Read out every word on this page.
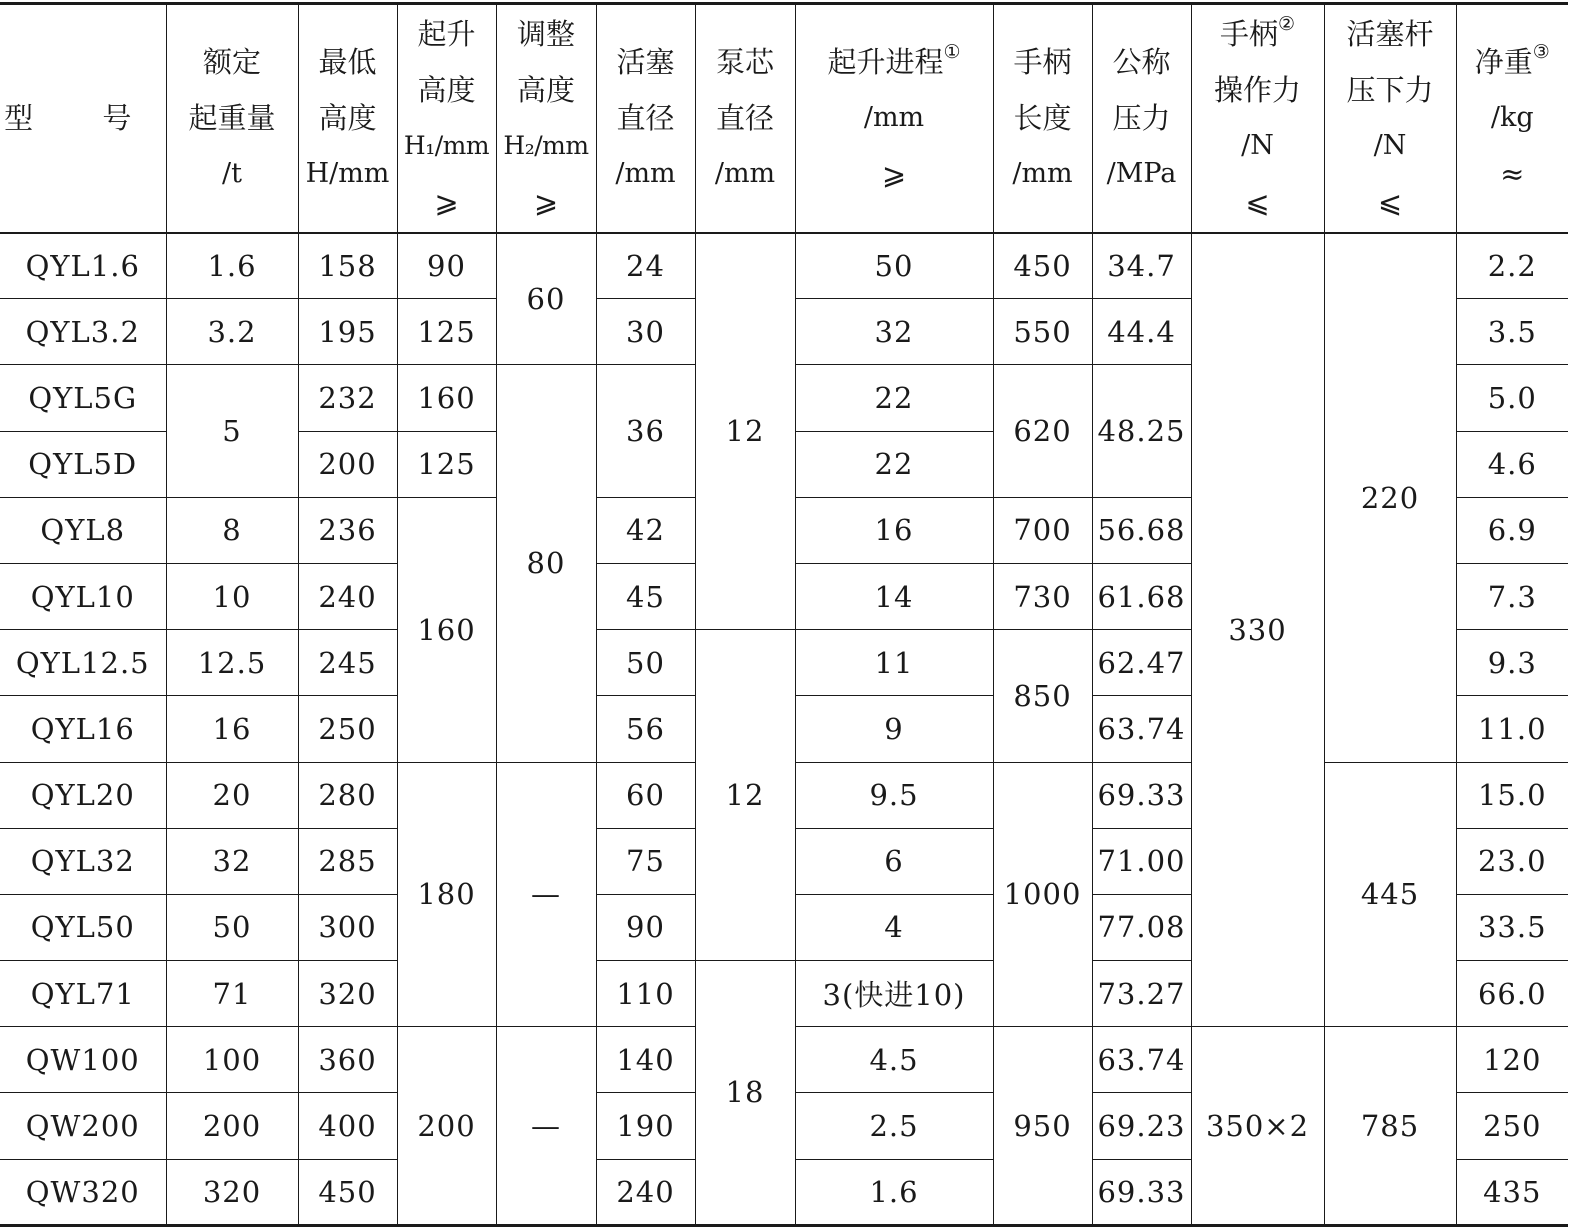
型 号	额定
起重量
/t	最低
高度
H/mm	起升
高度
H₁/mm
⩾	调整
高度
H₂/mm
⩾	活塞
直径
/mm	泵芯
直径
/mm	起升进程①
/mm
⩾	手柄
长度
/mm	公称
压力
/MPa	手柄②
操作力
/N
⩽	活塞杆
压下力
/N
⩽	净重③
/kg
≈

QYL1.6	1.6	158	90	60	24	12	50	450	34.7	330	220	2.2
QYL3.2	3.2	195	125		30		32	550	44.4			3.5
QYL5G	5	232	160	80	36		22	620	48.25			5.0
QYL5D		200	125				22					4.6
QYL8	8	236	160		42		16	700	56.68			6.9
QYL10	10	240			45		14	730	61.68			7.3
QYL12.5	12.5	245			50	12	11	850	62.47			9.3
QYL16	16	250			56		9		63.74			11.0
QYL20	20	280	180	—	60		9.5	1000	69.33		445	15.0
QYL32	32	285			75		6		71.00			23.0
QYL50	50	300			90		4		77.08			33.5
QYL71	71	320			110	18	3(快进10)		73.27			66.0
QW100	100	360	200	—	140		4.5	950	63.74	350×2	785	120
QW200	200	400			190		2.5		69.23			250
QW320	320	450			240		1.6		69.33			435
